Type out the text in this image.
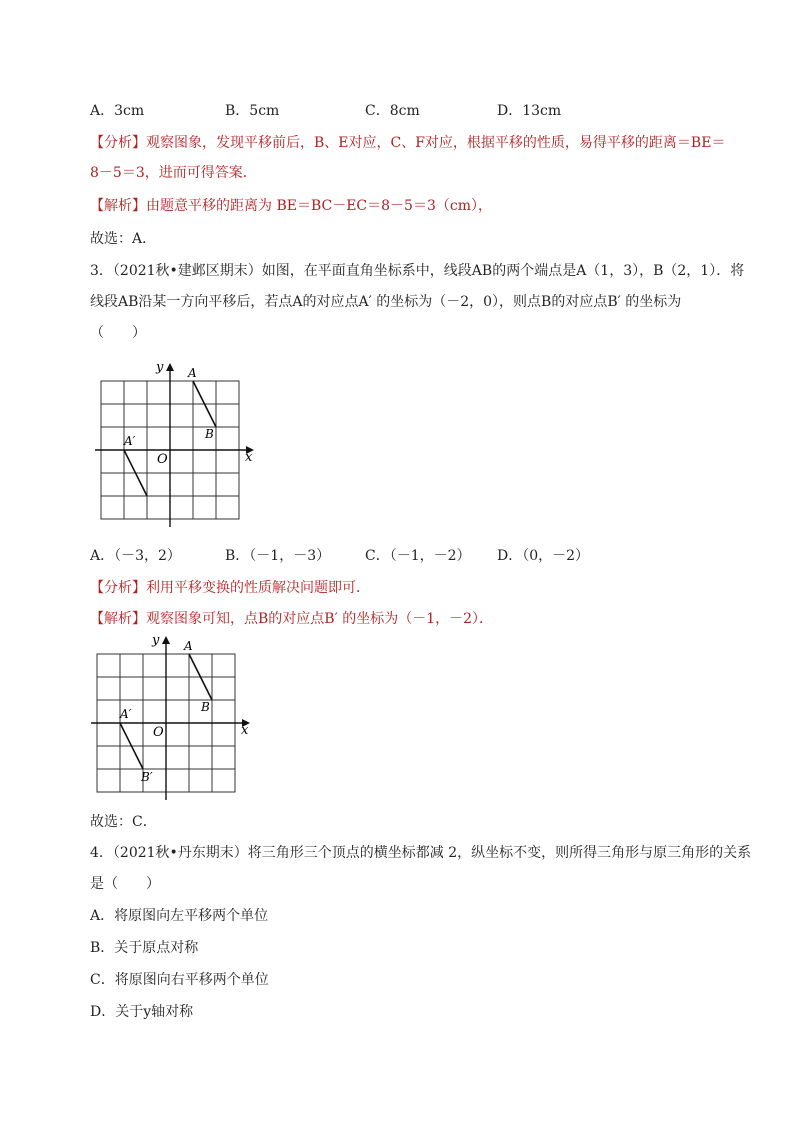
A．3cm	B．5cm	C．8cm	D．13cm
【分析】观察图象，发现平移前后，B、E对应，C、F对应，根据平移的性质，易得平移的距离＝BE＝
8－5＝3，进而可得答案．
【解析】由题意平移的距离为 BE＝BC－EC＝8－5＝3（cm），
故选：A．
3．（2021秋•建邺区期末）如图，在平面直角坐标系中，线段AB的两个端点是A（1，3），B（2，1）．将
线段AB沿某一方向平移后，若点A的对应点A′ 的坐标为（－2，0），则点B的对应点B′ 的坐标为
（　　）
y
x
O
A
B
A′
y
x
O
A
B
A′
B′
A．（－3，2）	B．（－1，－3）	C．（－1，－2）	D．（0，－2）
【分析】利用平移变换的性质解决问题即可．
【解析】观察图象可知，点B的对应点B′ 的坐标为（－1，－2）．
故选：C．
4．（2021秋•丹东期末）将三角形三个顶点的横坐标都减 2，纵坐标不变，则所得三角形与原三角形的关系
是（　　）
A．将原图向左平移两个单位
B．关于原点对称
C．将原图向右平移两个单位
D．关于y轴对称
